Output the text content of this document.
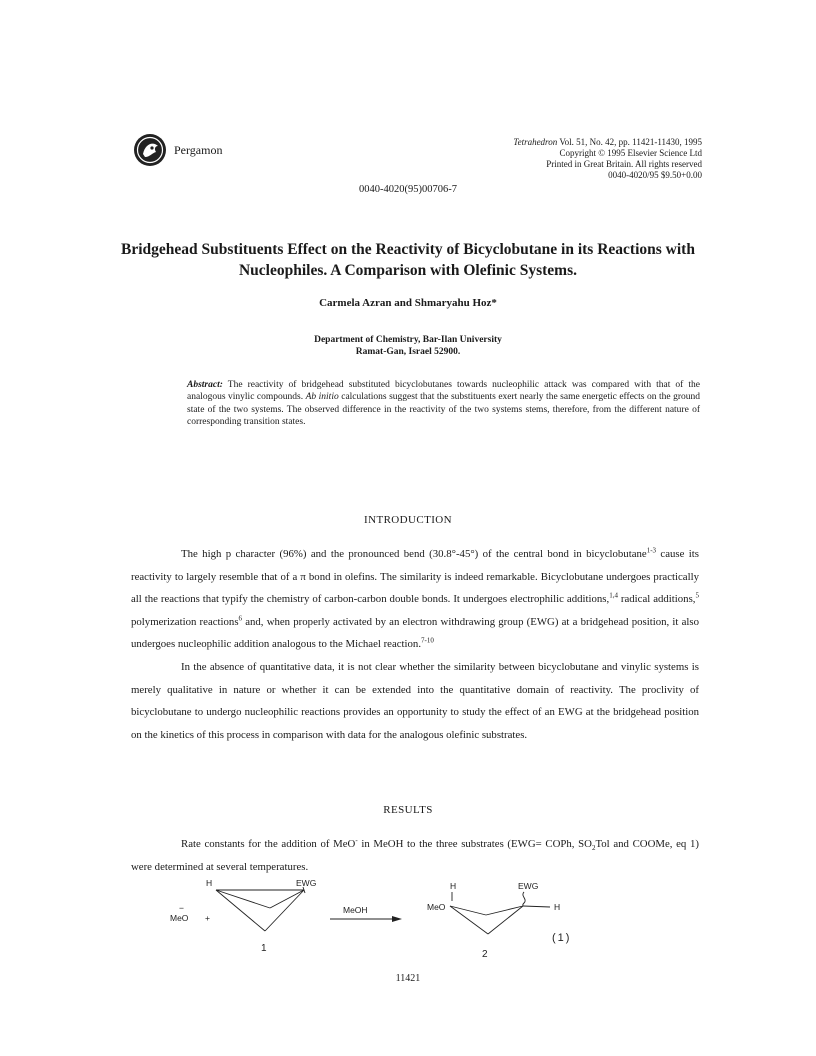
Pergamon
Tetrahedron Vol. 51, No. 42, pp. 11421-11430, 1995
Copyright © 1995 Elsevier Science Ltd
Printed in Great Britain. All rights reserved
0040-4020/95 $9.50+0.00
0040-4020(95)00706-7
Bridgehead Substituents Effect on the Reactivity of Bicyclobutane in its Reactions with Nucleophiles. A Comparison with Olefinic Systems.
Carmela Azran and Shmaryahu Hoz*
Department of Chemistry, Bar-Ilan University
Ramat-Gan, Israel 52900.
Abstract: The reactivity of bridgehead substituted bicyclobutanes towards nucleophilic attack was compared with that of the analogous vinylic compounds. Ab initio calculations suggest that the substituents exert nearly the same energetic effects on the ground state of the two systems. The observed difference in the reactivity of the two systems stems, therefore, from the different nature of corresponding transition states.
INTRODUCTION

The high p character (96%) and the pronounced bend (30.8°-45°) of the central bond in bicyclobutane$^{1-3}$ cause its reactivity to largely resemble that of a π bond in olefins. The similarity is indeed remarkable. Bicyclobutane undergoes practically all the reactions that typify the chemistry of carbon-carbon double bonds. It undergoes electrophilic additions,$^{1,4}$ radical additions,$^5$ polymerization reactions$^6$ and, when properly activated by an electron withdrawing group (EWG) at a bridgehead position, it also undergoes nucleophilic addition analogous to the Michael reaction.$^{7-10}$

In the absence of quantitative data, it is not clear whether the similarity between bicyclobutane and vinylic systems is merely qualitative in nature or whether it can be extended into the quantitative domain of reactivity. The proclivity of bicyclobutane to undergo nucleophilic reactions provides an opportunity to study the effect of an EWG at the bridgehead position on the kinetics of this process in comparison with data for the analogous olefinic substrates.

RESULTS

Rate constants for the addition of MeO- in MeOH to the three substrates (EWG= COPh, $SO_2Tol$ and COOMe, eq 1) were determined at several temperatures.

MeO
−
+
H	EWG
1
MeOH
H	EWG
MeO	H
2
(1)
11421
